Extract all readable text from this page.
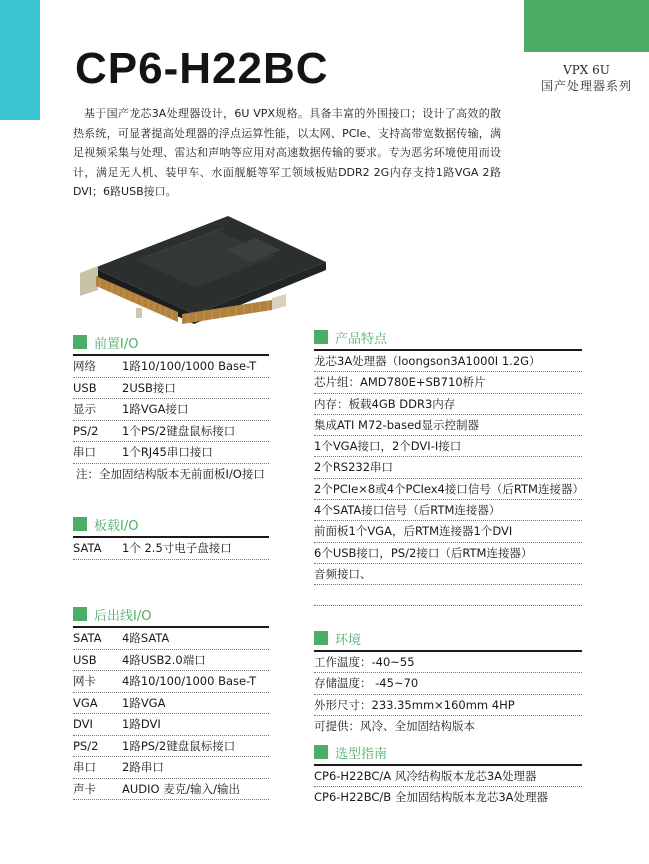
VPX 6U
国产处理器系列
CP6-H22BC

基于国产龙芯3A处理器设计，6U VPX规格。具备丰富的外围接口；设计了高效的散热系统，可显著提高处理器的浮点运算性能，以太网、PCIe、支持高带宽数据传输，满足视频采集与处理、雷达和声呐等应用对高速数据传输的要求。专为恶劣环境使用而设计，满足无人机、装甲车、水面舰艇等军工领域板贴DDR2 2G内存支持1路VGA 2路DVI；6路USB接口。

前置I/O
网络	1路10/100/1000 Base-T
USB	2USB接口
显示	1路VGA接口
PS/2	1个PS/2键盘鼠标接口
串口	1个RJ45串口接口
注：全加固结构版本无前面板I/O接口
板载I/O
SATA	1个 2.5寸电子盘接口
后出线I/O
SATA	4路SATA
USB	4路USB2.0端口
网卡	4路10/100/1000 Base-T
VGA	1路VGA
DVI	1路DVI
PS/2	1路PS/2键盘鼠标接口
串口	2路串口
声卡	AUDIO 麦克/输入/输出
产品特点
龙芯3A处理器（loongson3A1000I 1.2G）
芯片组：AMD780E+SB710桥片
内存：板载4GB DDR3内存
集成ATI M72-based显示控制器
1个VGA接口，2个DVI-I接口
2个RS232串口
2个PCIe×8或4个PCIex4接口信号（后RTM连接器）
4个SATA接口信号（后RTM连接器）
前面板1个VGA，后RTM连接器1个DVI
6个USB接口，PS/2接口（后RTM连接器）
音频接口、
环境
工作温度：-40~55
存储温度： -45~70
外形尺寸：233.35mm×160mm 4HP
可提供：风冷、全加固结构版本
选型指南
CP6-H22BC/A 风冷结构版本龙芯3A处理器
CP6-H22BC/B 全加固结构版本龙芯3A处理器
